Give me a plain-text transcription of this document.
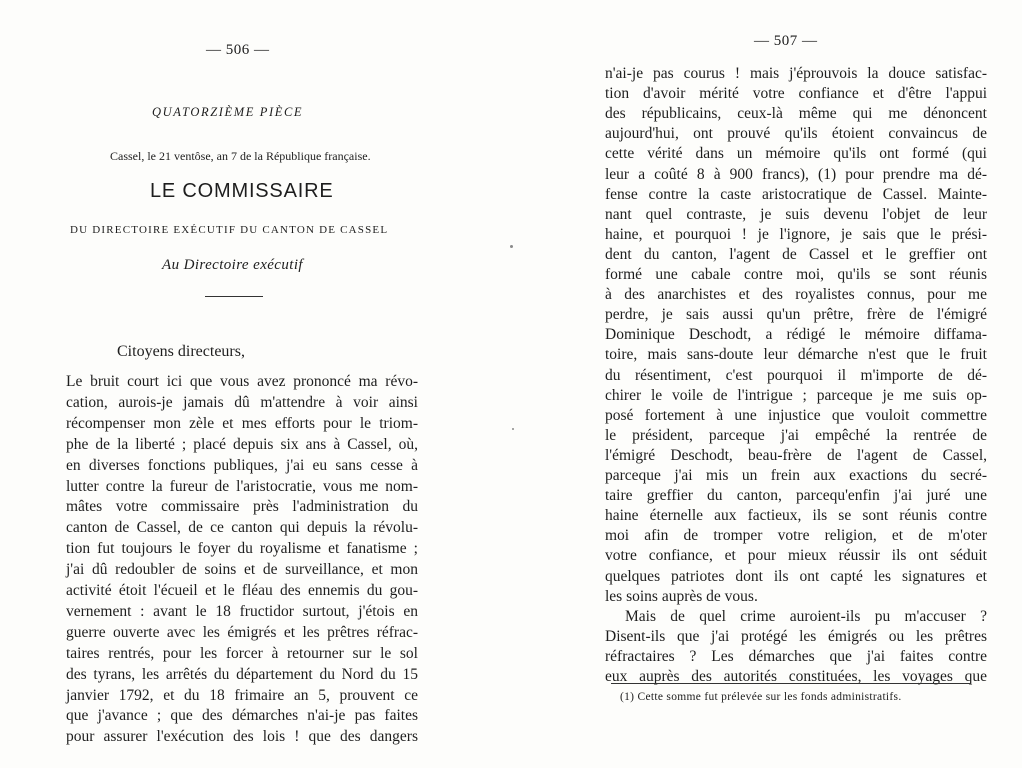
— 506 —
QUATORZIÈME PIÈCE
Cassel, le 21 ventôse, an 7 de la République française.
LE COMMISSAIRE
DU DIRECTOIRE EXÉCUTIF DU CANTON DE CASSEL
Au Directoire exécutif
Citoyens directeurs,
Le bruit court ici que vous avez prononcé ma révo-
cation, aurois-je jamais dû m'attendre à voir ainsi
récompenser mon zèle et mes efforts pour le triom-
phe de la liberté ; placé depuis six ans à Cassel, où,
en diverses fonctions publiques, j'ai eu sans cesse à
lutter contre la fureur de l'aristocratie, vous me nom-
mâtes votre commissaire près l'administration du
canton de Cassel, de ce canton qui depuis la révolu-
tion fut toujours le foyer du royalisme et fanatisme ;
j'ai dû redoubler de soins et de surveillance, et mon
activité étoit l'écueil et le fléau des ennemis du gou-
vernement : avant le 18 fructidor surtout, j'étois en
guerre ouverte avec les émigrés et les prêtres réfrac-
taires rentrés, pour les forcer à retourner sur le sol
des tyrans, les arrêtés du département du Nord du 15
janvier 1792, et du 18 frimaire an 5, prouvent ce
que j'avance ; que des démarches n'ai-je pas faites
pour assurer l'exécution des lois ! que des dangers
— 507 —
n'ai-je pas courus ! mais j'éprouvois la douce satisfac-
tion d'avoir mérité votre confiance et d'être l'appui
des républicains, ceux-là même qui me dénoncent
aujourd'hui, ont prouvé qu'ils étoient convaincus de
cette vérité dans un mémoire qu'ils ont formé (qui
leur a coûté 8 à 900 francs), (1) pour prendre ma dé-
fense contre la caste aristocratique de Cassel. Mainte-
nant quel contraste, je suis devenu l'objet de leur
haine, et pourquoi ! je l'ignore, je sais que le prési-
dent du canton, l'agent de Cassel et le greffier ont
formé une cabale contre moi, qu'ils se sont réunis
à des anarchistes et des royalistes connus, pour me
perdre, je sais aussi qu'un prêtre, frère de l'émigré
Dominique Deschodt, a rédigé le mémoire diffama-
toire, mais sans-doute leur démarche n'est que le fruit
du résentiment, c'est pourquoi il m'importe de dé-
chirer le voile de l'intrigue ; parceque je me suis op-
posé fortement à une injustice que vouloit commettre
le président, parceque j'ai empêché la rentrée de
l'émigré Deschodt, beau-frère de l'agent de Cassel,
parceque j'ai mis un frein aux exactions du secré-
taire greffier du canton, parcequ'enfin j'ai juré une
haine éternelle aux factieux, ils se sont réunis contre
moi afin de tromper votre religion, et de m'oter
votre confiance, et pour mieux réussir ils ont séduit
quelques patriotes dont ils ont capté les signatures et
les soins auprès de vous.
Mais de quel crime auroient-ils pu m'accuser ?
Disent-ils que j'ai protégé les émigrés ou les prêtres
réfractaires ? Les démarches que j'ai faites contre
eux auprès des autorités constituées, les voyages que
(1) Cette somme fut prélevée sur les fonds administratifs.
